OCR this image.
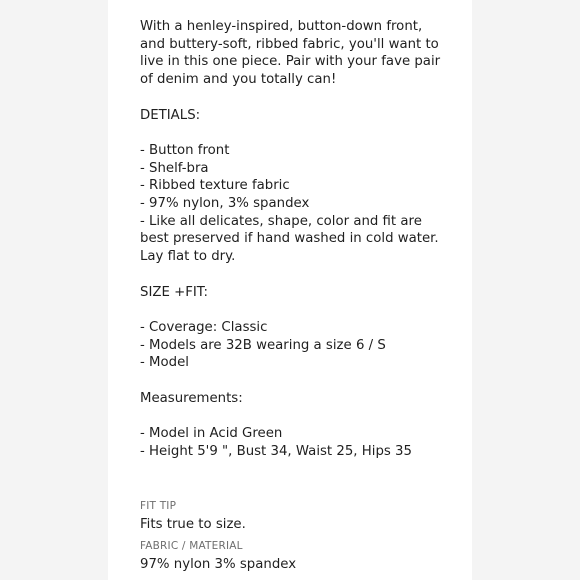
With a henley-inspired, button-down front,
and buttery-soft, ribbed fabric, you'll want to
live in this one piece. Pair with your fave pair
of denim and you totally can!
DETIALS:
- Button front
- Shelf-bra
- Ribbed texture fabric
- 97% nylon, 3% spandex
- Like all delicates, shape, color and fit are
best preserved if hand washed in cold water.
Lay flat to dry.
SIZE +FIT:
- Coverage: Classic
- Models are 32B wearing a size 6 / S
- Model
Measurements:
- Model in Acid Green
- Height 5'9 ", Bust 34, Waist 25, Hips 35
FIT TIP
Fits true to size.
FABRIC / MATERIAL
97% nylon 3% spandex
